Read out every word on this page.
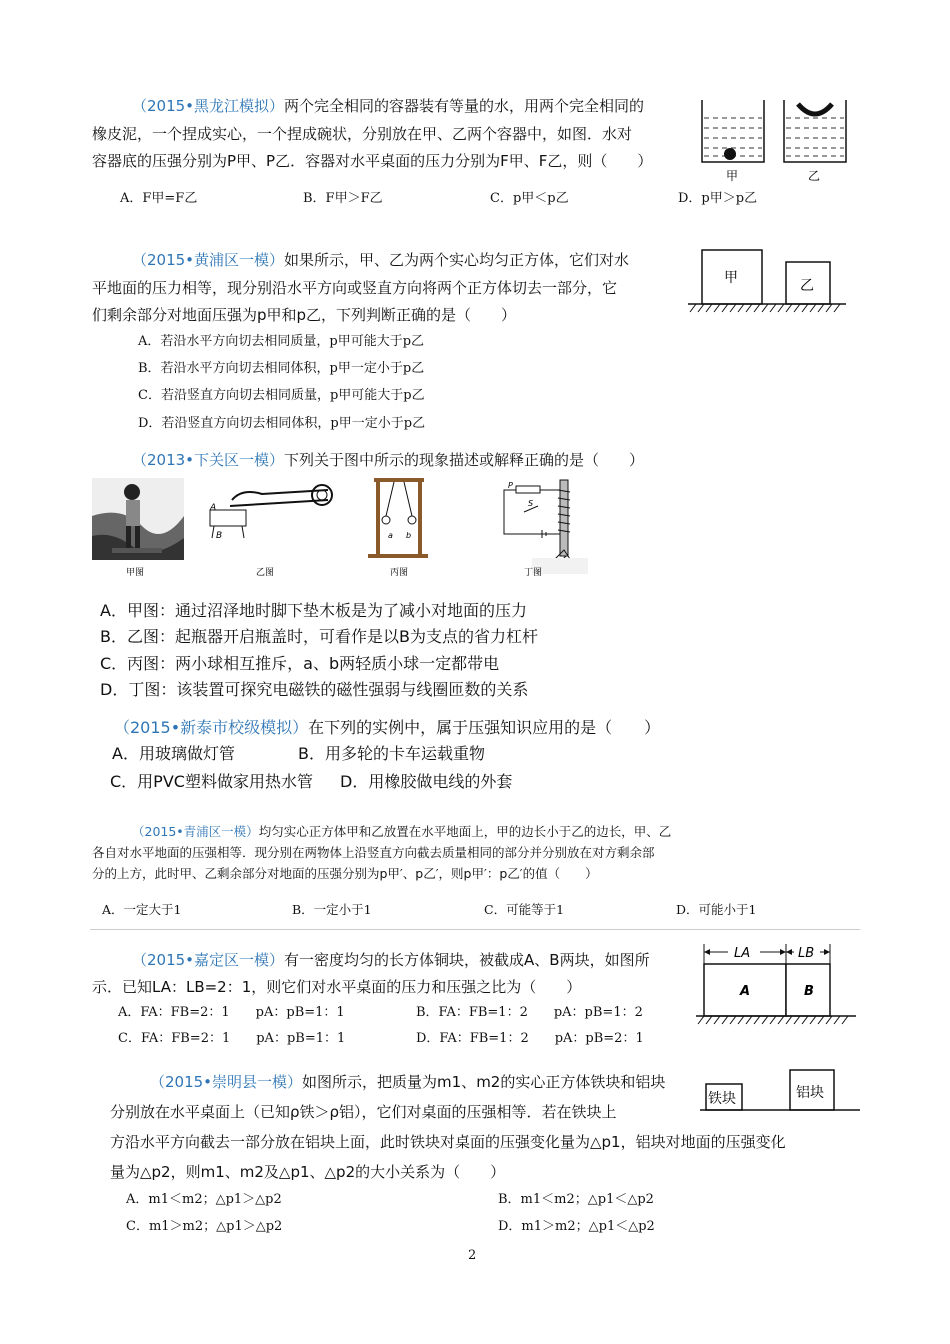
（2015•黑龙江模拟）两个完全相同的容器装有等量的水，用两个完全相同的
橡皮泥，一个捏成实心，一个捏成碗状，分别放在甲、乙两个容器中，如图．水对
容器底的压强分别为P甲、P乙．容器对水平桌面的压力分别为F甲、F乙，则（　　）
A．F甲=F乙	B．F甲＞F乙	C．p甲＜p乙	D．p甲＞p乙
甲	乙
（2015•黄浦区一模）如果所示，甲、乙为两个实心均匀正方体，它们对水
平地面的压力相等，现分别沿水平方向或竖直方向将两个正方体切去一部分，它
们剩余部分对地面压强为p甲和p乙，下列判断正确的是（　　）
A．若沿水平方向切去相同质量，p甲可能大于p乙
B．若沿水平方向切去相同体积，p甲一定小于p乙
C．若沿竖直方向切去相同质量，p甲可能大于p乙
D．若沿竖直方向切去相同体积，p甲一定小于p乙
甲	乙
（2013•下关区一模）下列关于图中所示的现象描述或解释正确的是（　　）
甲图
A
B
乙图
a b
丙图
P
S
丁图
A．甲图：通过沼泽地时脚下垫木板是为了减小对地面的压力
B．乙图：起瓶器开启瓶盖时，可看作是以B为支点的省力杠杆
C．丙图：两小球相互推斥，a、b两轻质小球一定都带电
D．丁图：该装置可探究电磁铁的磁性强弱与线圈匝数的关系
（2015•新泰市校级模拟）在下列的实例中，属于压强知识应用的是（　　）
A．用玻璃做灯管	B．用多轮的卡车运载重物
C．用PVC塑料做家用热水管 D．用橡胶做电线的外套
（2015•青浦区一模）均匀实心正方体甲和乙放置在水平地面上，甲的边长小于乙的边长，甲、乙
各自对水平地面的压强相等．现分别在两物体上沿竖直方向截去质量相同的部分并分别放在对方剩余部
分的上方，此时甲、乙剩余部分对地面的压强分别为p甲′、p乙′，则p甲′：p乙′的值（　　）
A．一定大于1	B．一定小于1	C．可能等于1	D．可能小于1
（2015•嘉定区一模）有一密度均匀的长方体铜块，被截成A、B两块，如图所
示．已知LA：LB=2：1，则它们对水平桌面的压力和压强之比为（　　）
A．FA：FB=2：1　　pA：pB=1：1	B．FA：FB=1：2　　pA：pB=1：2
C．FA：FB=2：1　　pA：pB=1：1	D．FA：FB=1：2　　pA：pB=2：1
LA	LB
A	B
（2015•崇明县一模）如图所示，把质量为m1、m2的实心正方体铁块和铝块
分别放在水平桌面上（已知ρ铁＞ρ铝），它们对桌面的压强相等．若在铁块上
方沿水平方向截去一部分放在铝块上面，此时铁块对桌面的压强变化量为△p1，铝块对地面的压强变化
量为△p2，则m1、m2及△p1、△p2的大小关系为（　　）
A．m1＜m2；△p1＞△p2	B．m1＜m2；△p1＜△p2
C．m1＞m2；△p1＞△p2	D．m1＞m2；△p1＜△p2
铁块	铝块
2
